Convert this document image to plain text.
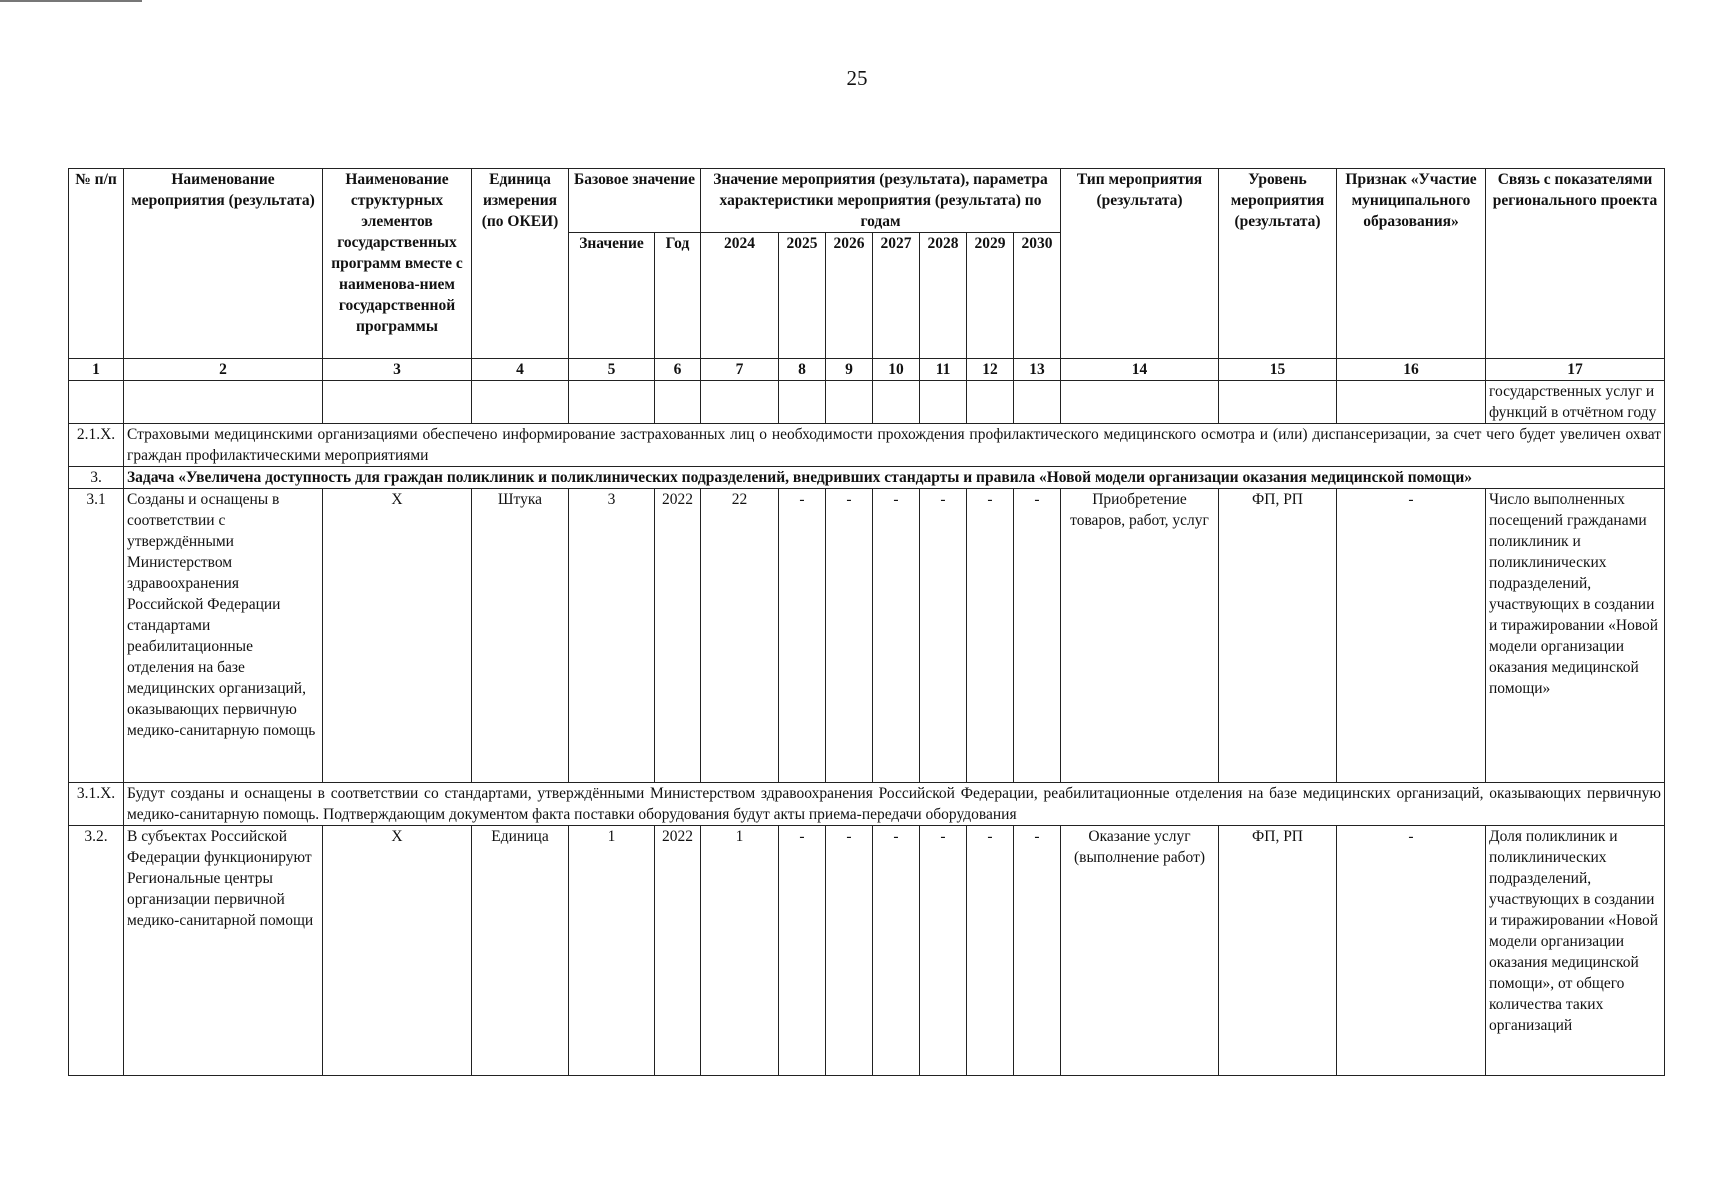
25
№ п/п	Наименование мероприятия (результата)	Наименование структурных элементов государственных программ вместе с наименова-нием государственной программы	Единица измерения (по ОКЕИ)	Базовое значение		Значение мероприятия (результата), параметра характеристики мероприятия (результата) по годам							Тип мероприятия (результата)	Уровень мероприятия (результата)	Признак «Участие муниципального образования»	Связь с показателями регионального проекта
				Значение	Год	2024	2025	2026	2027	2028	2029	2030				
1	2	3	4	5	6	7	8	9	10	11	12	13	14	15	16	17
																государственных услуг и функций в отчётном году
2.1.X.	Страховыми медицинскими организациями обеспечено информирование застрахованных лиц о необходимости прохождения профилактического медицинского осмотра и (или) диспансеризации, за счет чего будет увеличен охват граждан профилактическими мероприятиями															
3.	Задача «Увеличена доступность для граждан поликлиник и поликлинических подразделений, внедривших стандарты и правила «Новой модели организации оказания медицинской помощи»															
3.1	Созданы и оснащены в соответствии с утверждёнными Министерством здравоохранения Российской Федерации стандартами реабилитационные отделения на базе медицинских организаций, оказывающих первичную медико-санитарную помощь	Х	Штука	3	2022	22	-	-	-	-	-	-	Приобретение товаров, работ, услуг	ФП, РП	-	Число выполненных посещений гражданами поликлиник и поликлинических подразделений, участвующих в создании и тиражировании «Новой модели организации оказания медицинской помощи»
3.1.X.	Будут созданы и оснащены в соответствии со стандартами, утверждёнными Министерством здравоохранения Российской Федерации, реабилитационные отделения на базе медицинских организаций, оказывающих первичную медико-санитарную помощь. Подтверждающим документом факта поставки оборудования будут акты приема-передачи оборудования															
3.2.	В субъектах Российской Федерации функционируют Региональные центры организации первичной медико-санитарной помощи	Х	Единица	1	2022	1	-	-	-	-	-	-	Оказание услуг (выполнение работ)	ФП, РП	-	Доля поликлиник и поликлинических подразделений, участвующих в создании и тиражировании «Новой модели организации оказания медицинской помощи», от общего количества таких организаций
